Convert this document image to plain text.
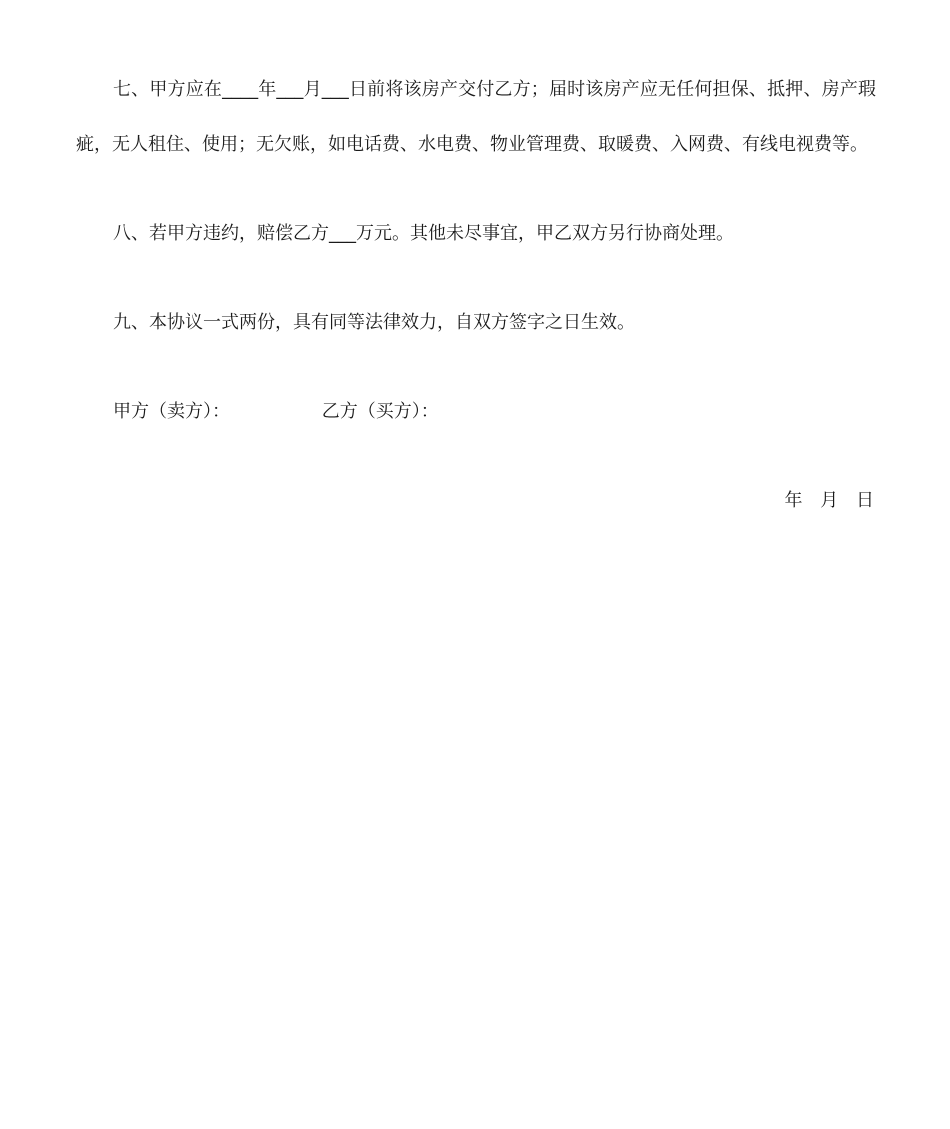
七、甲方应在____年___月___日前将该房产交付乙方；届时该房产应无任何担保、抵押、房产瑕疵，无人租住、使用；无欠账，如电话费、水电费、物业管理费、取暖费、入网费、有线电视费等。

八、若甲方违约，赔偿乙方___万元。其他未尽事宜，甲乙双方另行协商处理。

九、本协议一式两份，具有同等法律效力，自双方签字之日生效。

甲方（卖方）：	乙方（买方）：
年 月 日
